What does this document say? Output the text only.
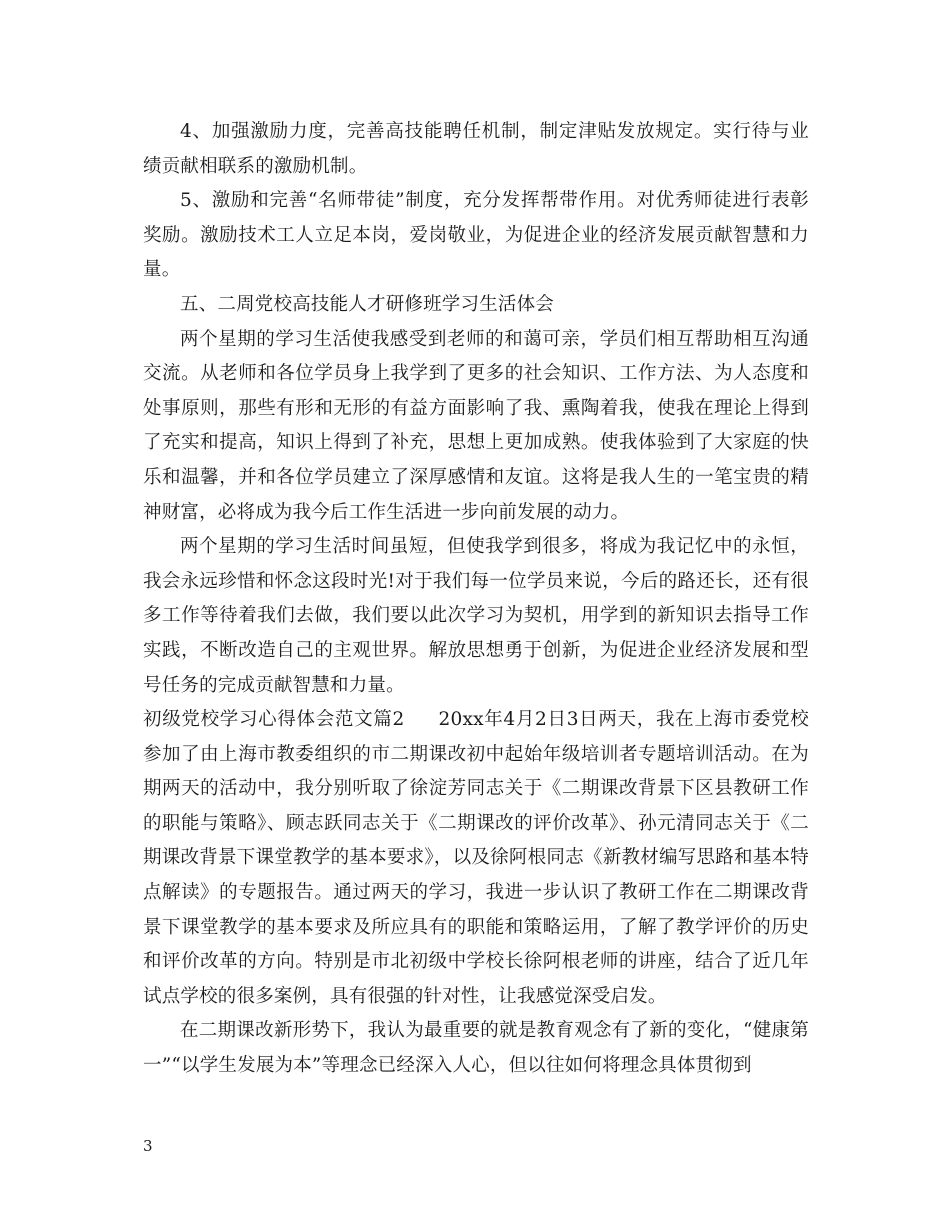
4、加强激励力度，完善高技能聘任机制，制定津贴发放规定。实行待与业绩贡献相联系的激励机制。

5、激励和完善“名师带徒”制度，充分发挥帮带作用。对优秀师徒进行表彰奖励。激励技术工人立足本岗，爱岗敬业，为促进企业的经济发展贡献智慧和力量。

五、二周党校高技能人才研修班学习生活体会

两个星期的学习生活使我感受到老师的和蔼可亲，学员们相互帮助相互沟通交流。从老师和各位学员身上我学到了更多的社会知识、工作方法、为人态度和处事原则，那些有形和无形的有益方面影响了我、熏陶着我，使我在理论上得到了充实和提高，知识上得到了补充，思想上更加成熟。使我体验到了大家庭的快乐和温馨，并和各位学员建立了深厚感情和友谊。这将是我人生的一笔宝贵的精神财富，必将成为我今后工作生活进一步向前发展的动力。

两个星期的学习生活时间虽短，但使我学到很多，将成为我记忆中的永恒，我会永远珍惜和怀念这段时光!对于我们每一位学员来说，今后的路还长，还有很多工作等待着我们去做，我们要以此次学习为契机，用学到的新知识去指导工作实践，不断改造自己的主观世界。解放思想勇于创新，为促进企业经济发展和型号任务的完成贡献智慧和力量。

初级党校学习心得体会范文篇2 20xx年4月2日3日两天，我在上海市委党校参加了由上海市教委组织的市二期课改初中起始年级培训者专题培训活动。在为期两天的活动中，我分别听取了徐淀芳同志关于《二期课改背景下区县教研工作的职能与策略》、顾志跃同志关于《二期课改的评价改革》、孙元清同志关于《二期课改背景下课堂教学的基本要求》，以及徐阿根同志《新教材编写思路和基本特点解读》的专题报告。通过两天的学习，我进一步认识了教研工作在二期课改背景下课堂教学的基本要求及所应具有的职能和策略运用，了解了教学评价的历史和评价改革的方向。特别是市北初级中学校长徐阿根老师的讲座，结合了近几年试点学校的很多案例，具有很强的针对性，让我感觉深受启发。

在二期课改新形势下，我认为最重要的就是教育观念有了新的变化，“健康第一”“以学生发展为本”等理念已经深入人心，但以往如何将理念具体贯彻到

3
